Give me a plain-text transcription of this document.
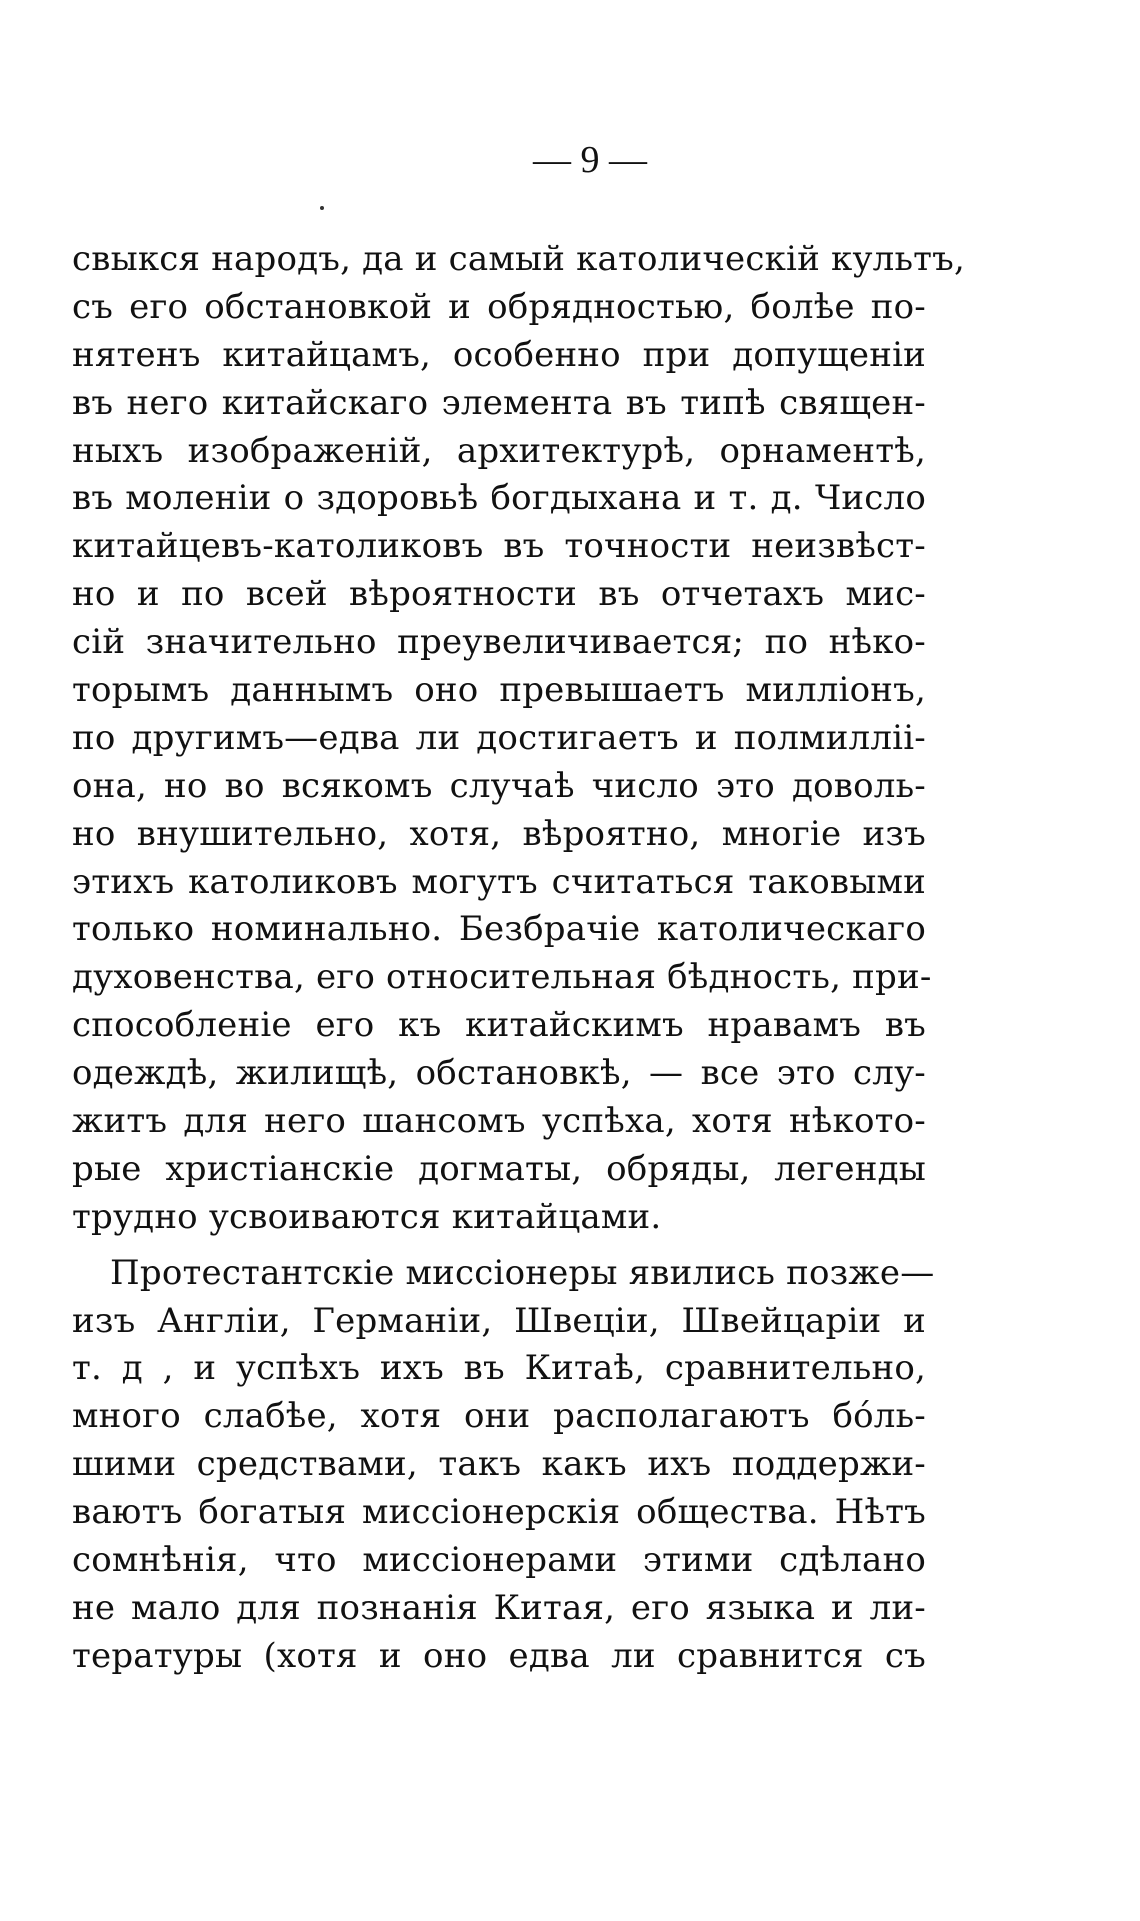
— 9 —
свыкся народъ, да и самый католическій культъ,
съ его обстановкой и обрядностью, болѣе по-
нятенъ китайцамъ, особенно при допущеніи
въ него китайскаго элемента въ типѣ священ-
ныхъ изображеній, архитектурѣ, орнаментѣ,
въ моленіи о здоровьѣ богдыхана и т. д. Число
китайцевъ-католиковъ въ точности неизвѣст-
но и по всей вѣроятности въ отчетахъ мис-
сій значительно преувеличивается; по нѣко-
торымъ даннымъ оно превышаетъ милліонъ,
по другимъ—едва ли достигаетъ и полмилліі-
она, но во всякомъ случаѣ число это доволь-
но внушительно, хотя, вѣроятно, многіе изъ
этихъ католиковъ могутъ считаться таковыми
только номинально. Безбрачіе католическаго
духовенства, его относительная бѣдность, при-
способленіе его къ китайскимъ нравамъ въ
одеждѣ, жилищѣ, обстановкѣ, — все это слу-
житъ для него шансомъ успѣха, хотя нѣкото-
рые христіанскіе догматы, обряды, легенды
трудно усвоиваются китайцами.
Протестантскіе миссіонеры явились позже—
изъ Англіи, Германіи, Швеціи, Швейцаріи и
т. д , и успѣхъ ихъ въ Китаѣ, сравнительно,
много слабѣе, хотя они располагаютъ бóль-
шими средствами, такъ какъ ихъ поддержи-
ваютъ богатыя миссіонерскія общества. Нѣтъ
сомнѣнія, что миссіонерами этими сдѣлано
не мало для познанія Китая, его языка и ли-
тературы (хотя и оно едва ли сравнится съ
